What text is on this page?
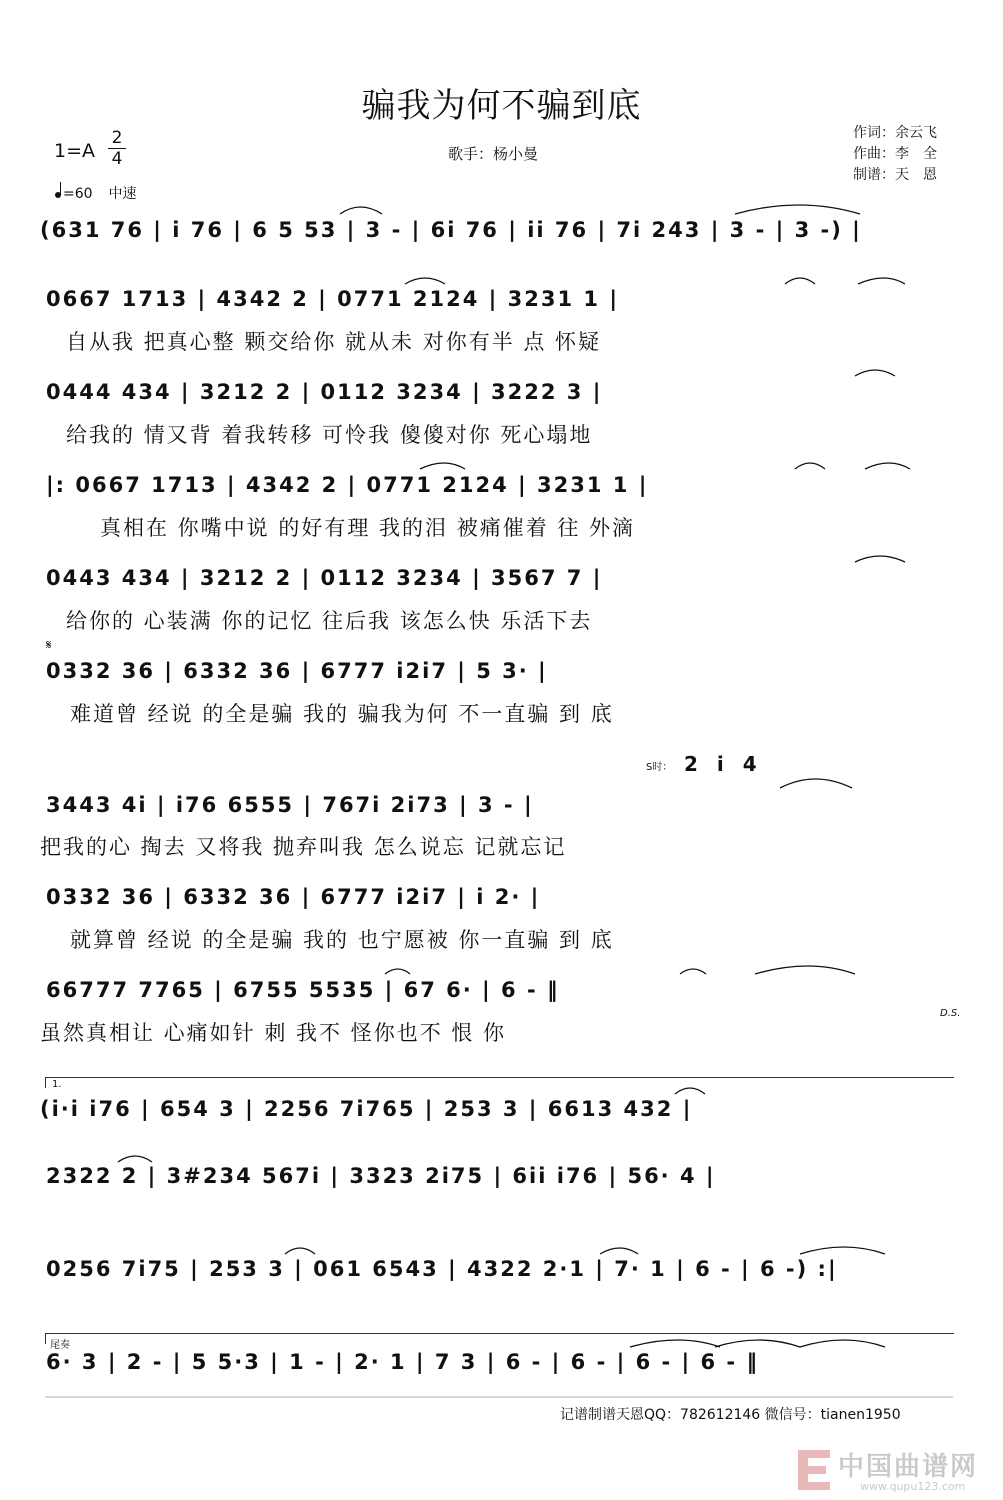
骗我为何不骗到底
1=A
2
4
=60 中速
歌手：杨小曼
作词：余云飞
作曲：李　全
制谱：天　恩
(631 76 | i 76 | 6 5 53 | 3 - | 6i 76 | ii 76 | 7i 243 | 3 - | 3 -) |
0667 1713 | 4342 2 | 0771 2124 | 3231 1 |
自从我 把真心整 颗交给你 就从未 对你有半 点 怀疑
0444 434 | 3212 2 | 0112 3234 | 3222 3 |
给我的 情又背 着我转移 可怜我 傻傻对你 死心塌地
|: 0667 1713 | 4342 2 | 0771 2124 | 3231 1 |
真相在 你嘴中说 的好有理 我的泪 被痛催着 往 外滴
0443 434 | 3212 2 | 0112 3234 | 3567 7 |
给你的 心装满 你的记忆 往后我 该怎么快 乐活下去
𝄋
0332 36 | 6332 36 | 6777 i2i7 | 5 3· |
难道曾 经说 的全是骗 我的 骗我为何 不一直骗 到 底
S时： 2 i 4
3443 4i | i76 6555 | 767i 2i73 | 3 - |
把我的心 掏去 又将我 抛弃叫我 怎么说忘 记就忘记
0332 36 | 6332 36 | 6777 i2i7 | i 2· |
就算曾 经说 的全是骗 我的 也宁愿被 你一直骗 到 底
66777 7765 | 6755 5535 | 67 6· | 6 - ‖
虽然真相让 心痛如针 刺 我不 怪你也不 恨 你
D.S.
1.
(i·i i76 | 654 3 | 2256 7i765 | 253 3 | 6613 432 |
2322 2 | 3#234 567i | 3323 2i75 | 6ii i76 | 56· 4 |
0256 7i75 | 253 3 | 061 6543 | 4322 2·1 | 7· 1 | 6 - | 6 -) :|
尾奏
6· 3 | 2 - | 5 5·3 | 1 - | 2· 1 | 7 3 | 6 - | 6 - | 6 - | 6 - ‖
记谱制谱天恩QQ：782612146 微信号：tianen1950
中国曲谱网
www.qupu123.com
